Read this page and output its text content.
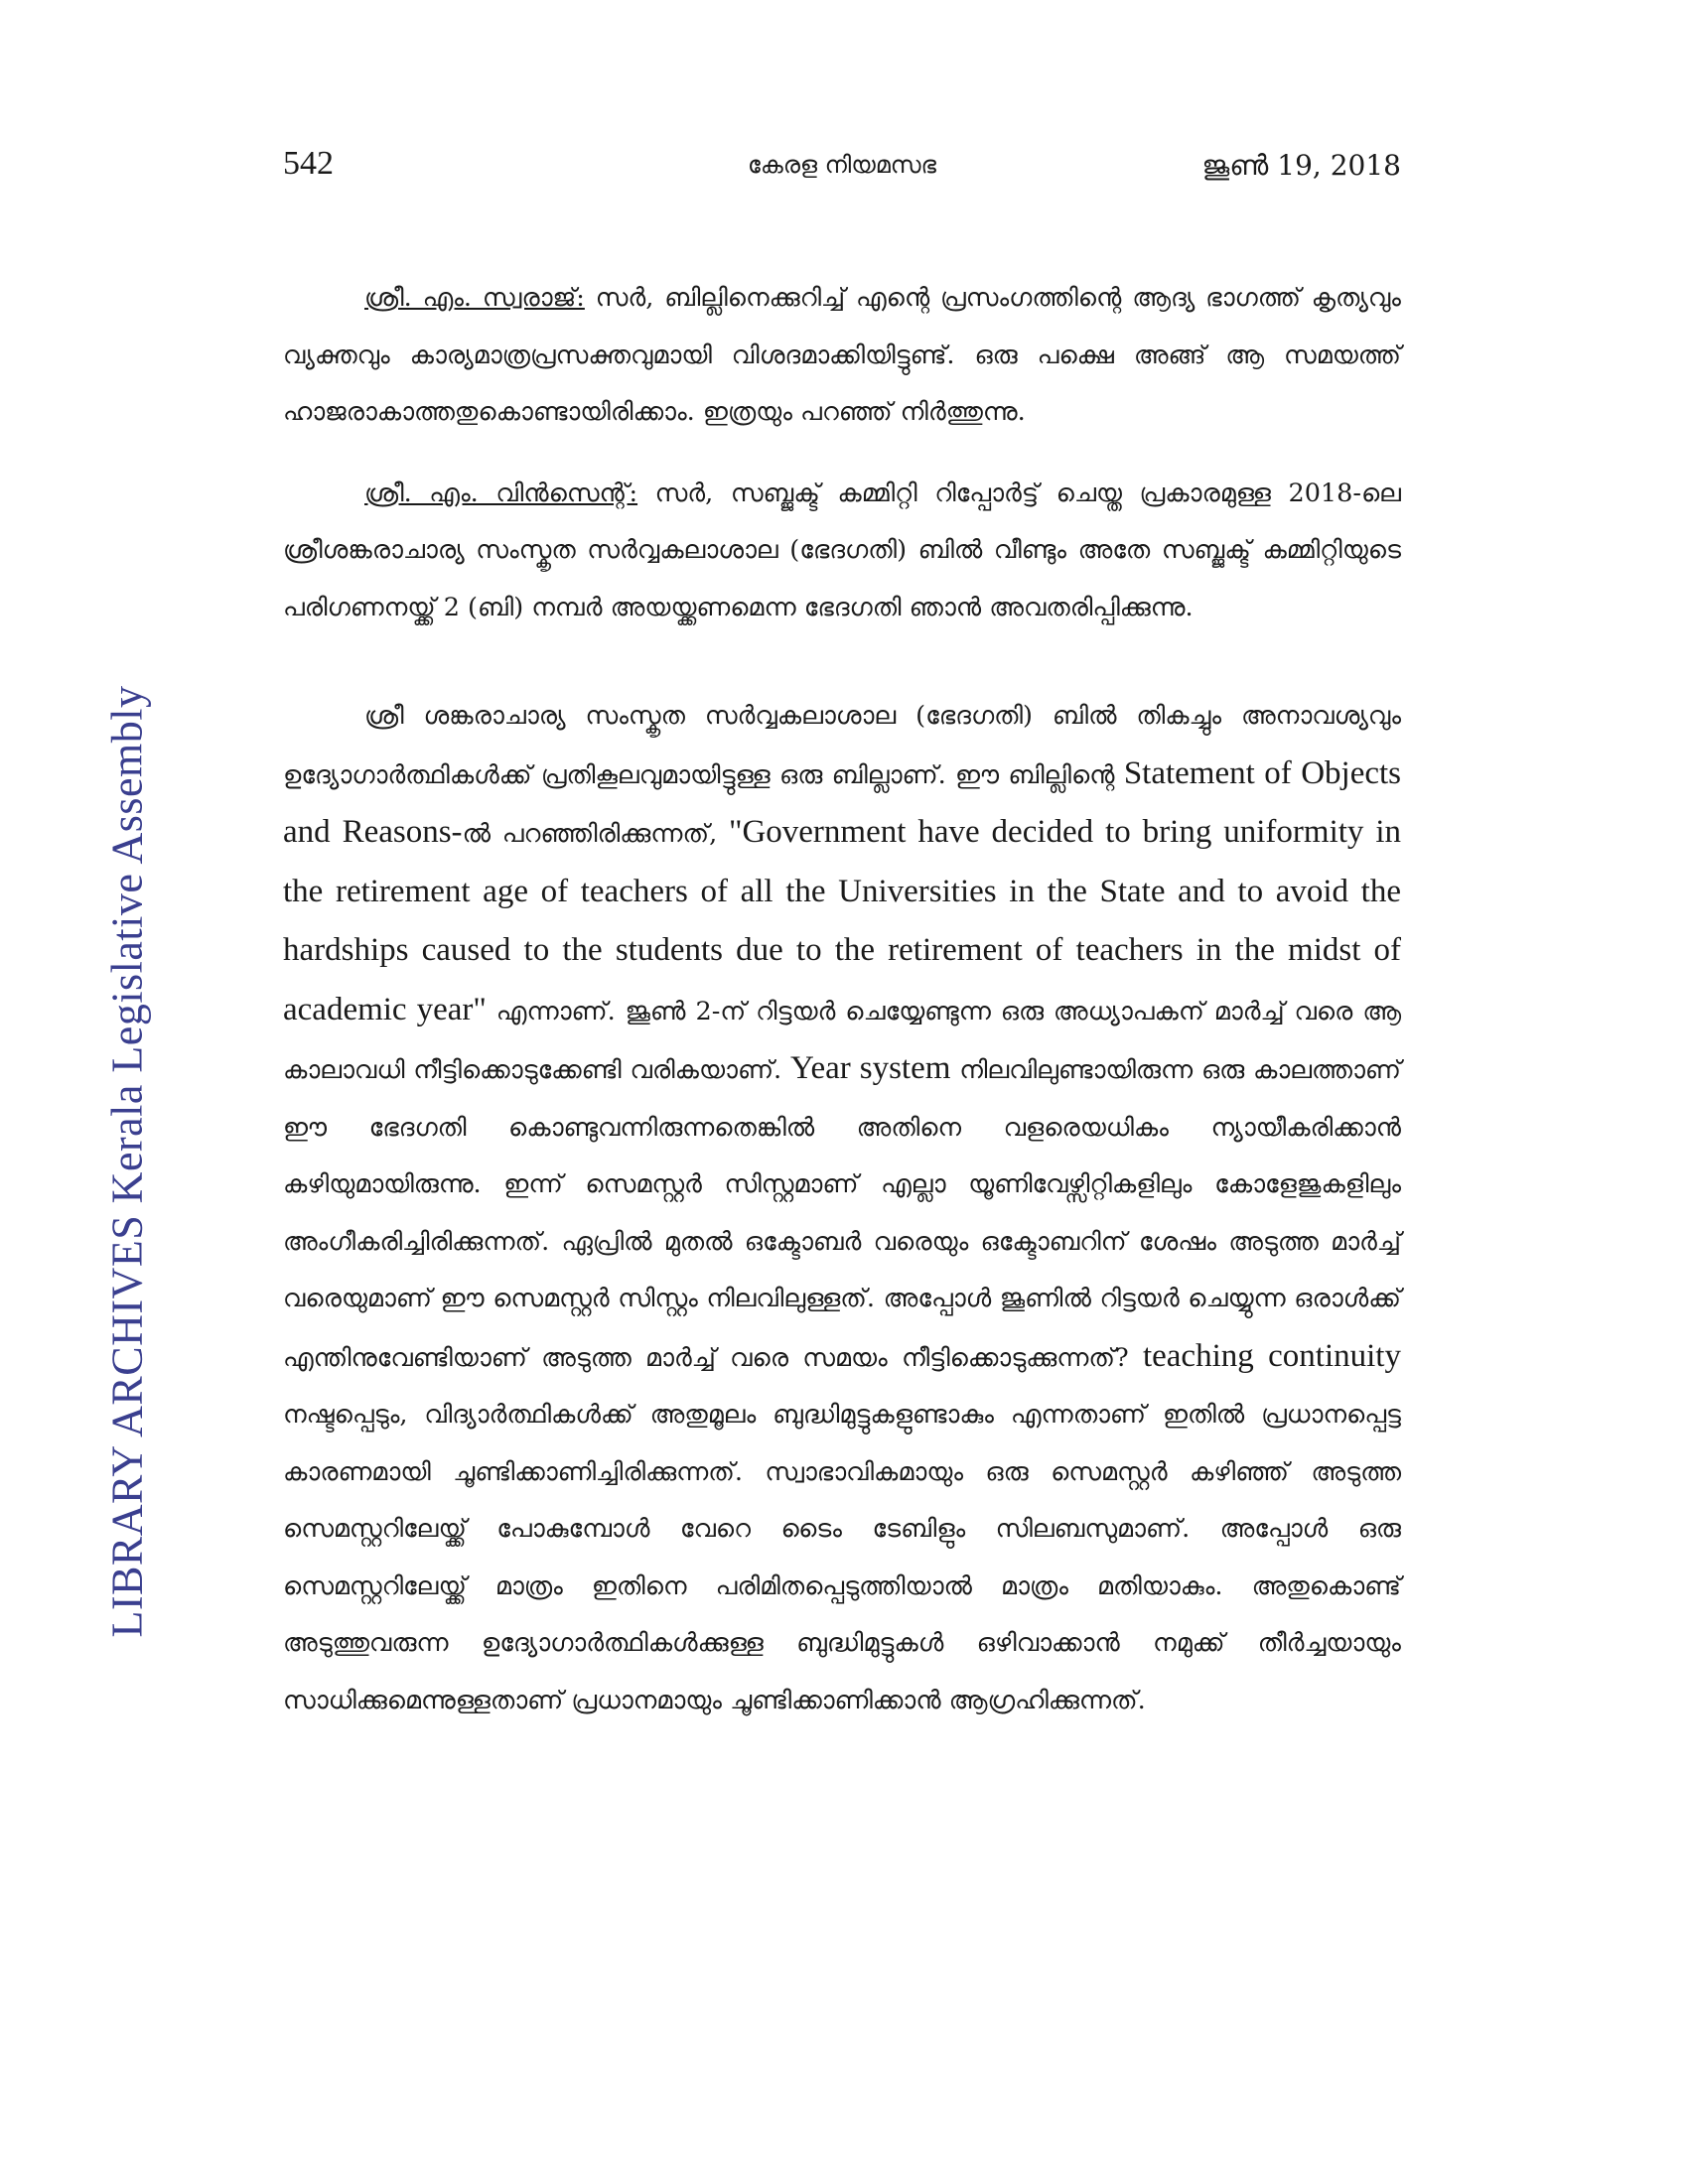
542	കേരള നിയമസഭ	ജൂൺ 19, 2018
LIBRARY ARCHIVES Kerala Legislative Assembly

ശ്രീ. എം. സ്വരാജ്: സർ, ബില്ലിനെക്കുറിച്ച് എന്റെ പ്രസംഗത്തിന്റെ ആദ്യ ഭാഗത്ത് കൃത്യവും വ്യക്തവും കാര്യമാത്രപ്രസക്തവുമായി വിശദമാക്കിയിട്ടുണ്ട്. ഒരു പക്ഷെ അങ്ങ് ആ സമയത്ത് ഹാജരാകാത്തതുകൊണ്ടായിരിക്കാം. ഇത്രയും പറഞ്ഞ് നിർത്തുന്നു.

ശ്രീ. എം. വിൻസെന്റ്: സർ, സബ്ജക്ട് കമ്മിറ്റി റിപ്പോർട്ട് ചെയ്ത പ്രകാരമുള്ള 2018-ലെ ശ്രീശങ്കരാചാര്യ സംസ്കൃത സർവ്വകലാശാല (ഭേദഗതി) ബിൽ വീണ്ടും അതേ സബ്ജക്ട് കമ്മിറ്റിയുടെ പരിഗണനയ്ക്ക് 2 (ബി) നമ്പർ അയയ്ക്കണമെന്ന ഭേദഗതി ഞാൻ അവതരിപ്പിക്കുന്നു.

ശ്രീ ശങ്കരാചാര്യ സംസ്കൃത സർവ്വകലാശാല (ഭേദഗതി) ബിൽ തികച്ചും അനാവശ്യവും ഉദ്യോഗാർത്ഥികൾക്ക് പ്രതികൂലവുമായിട്ടുള്ള ഒരു ബില്ലാണ്. ഈ ബില്ലിന്റെ Statement of Objects and Reasons-ൽ പറഞ്ഞിരിക്കുന്നത്, "Government have decided to bring uniformity in the retirement age of teachers of all the Universities in the State and to avoid the hardships caused to the students due to the retirement of teachers in the midst of academic year" എന്നാണ്. ജൂൺ 2-ന് റിട്ടയർ ചെയ്യേണ്ടുന്ന ഒരു അധ്യാപകന് മാർച്ച് വരെ ആ കാലാവധി നീട്ടിക്കൊടുക്കേണ്ടി വരികയാണ്. Year system നിലവിലുണ്ടായിരുന്ന ഒരു കാലത്താണ് ഈ ഭേദഗതി കൊണ്ടുവന്നിരുന്നതെങ്കിൽ അതിനെ വളരെയധികം ന്യായീകരിക്കാൻ കഴിയുമായിരുന്നു. ഇന്ന് സെമസ്റ്റർ സിസ്റ്റമാണ് എല്ലാ യൂണിവേഴ്സിറ്റികളിലും കോളേജുകളിലും അംഗീകരിച്ചിരിക്കുന്നത്. ഏപ്രിൽ മുതൽ ഒക്ടോബർ വരെയും ഒക്ടോബറിന് ശേഷം അടുത്ത മാർച്ച് വരെയുമാണ് ഈ സെമസ്റ്റർ സിസ്റ്റം നിലവിലുള്ളത്. അപ്പോൾ ജൂണിൽ റിട്ടയർ ചെയ്യുന്ന ഒരാൾക്ക് എന്തിനുവേണ്ടിയാണ് അടുത്ത മാർച്ച് വരെ സമയം നീട്ടിക്കൊടുക്കുന്നത്? teaching continuity നഷ്ടപ്പെടും, വിദ്യാർത്ഥികൾക്ക് അതുമൂലം ബുദ്ധിമുട്ടുകളുണ്ടാകും എന്നതാണ് ഇതിൽ പ്രധാനപ്പെട്ട കാരണമായി ചൂണ്ടിക്കാണിച്ചിരിക്കുന്നത്. സ്വാഭാവികമായും ഒരു സെമസ്റ്റർ കഴിഞ്ഞ് അടുത്ത സെമസ്റ്ററിലേയ്ക്ക് പോകുമ്പോൾ വേറെ ടൈം ടേബിളും സിലബസുമാണ്. അപ്പോൾ ഒരു സെമസ്റ്ററിലേയ്ക്ക് മാത്രം ഇതിനെ പരിമിതപ്പെടുത്തിയാൽ മാത്രം മതിയാകും. അതുകൊണ്ട് അടുത്തുവരുന്ന ഉദ്യോഗാർത്ഥികൾക്കുള്ള ബുദ്ധിമുട്ടുകൾ ഒഴിവാക്കാൻ നമുക്ക് തീർച്ചയായും സാധിക്കുമെന്നുള്ളതാണ് പ്രധാനമായും ചൂണ്ടിക്കാണിക്കാൻ ആഗ്രഹിക്കുന്നത്.
